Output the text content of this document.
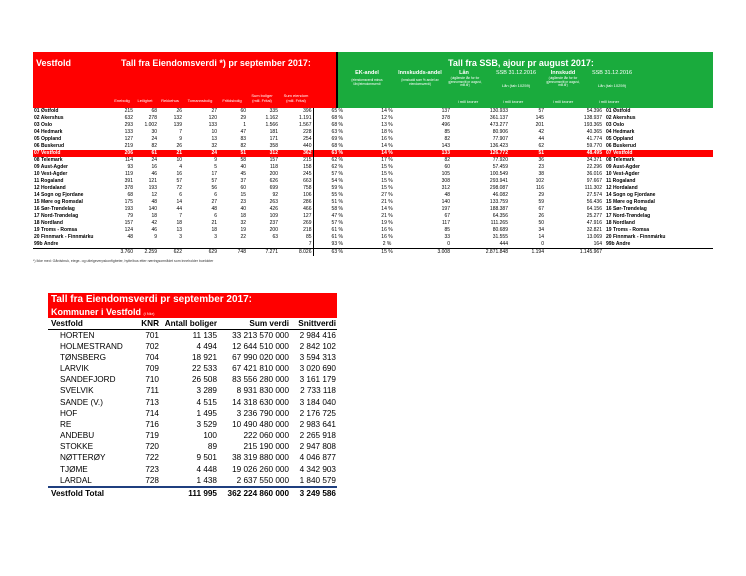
Vestfold	Tall fra Eiendomsverdi *) pr september 2017:	Tall fra SSB, ajour pr august 2017:
Enebolig	Leilighet	Rekkehus	Tomannsbolig	Fritidsbolig
Sum boliger
(mill. Frital)
Sum eiendom
(mill. Frital)
EK-andel
(eiendomsverdi minus lån)/eiendomsverdi
Innskudds-andel
(innskudd som % andel av eiendomsverdi)
Lån
(utgående lån for for gjennomsnitt pr august, mill.kr)
SSB 31.12.2016
Lån (tab 10259)
Innskudd
(utgående lån for for gjennomsnitt pr august, mill.kr)
SSB 31.12.2016
Lån (tab 10259)
i mill kroner	i mill kroner	i mill kroner	i mill kroner
01 Østfold	215	68	26	27	60	335	396	65 %	14 %	137	130.933	57	54.396	01 Østfold
02 Akershus	632	278	132	120	29	1.162	1.191	68 %	12 %	378	361.137	145	138.937	02 Akershus
03 Oslo	293	1.002	139	133	1	1.566	1.567	68 %	13 %	496	473.277	201	193.365	03 Oslo
04 Hedmark	133	30	7	10	47	181	228	63 %	18 %	85	80.906	42	40.365	04 Hedmark
05 Oppland	127	24	9	13	83	171	254	69 %	16 %	82	77.907	44	41.774	05 Oppland
06 Buskerud	219	82	26	32	82	358	440	68 %	14 %	143	136.423	62	59.770	06 Buskerud
07 Vestfold	206	61	21	24	51	312	362	63 %	14 %	133	126.772	51	48.495	07 Vestfold
08 Telemark	114	24	10	9	58	157	215	62 %	17 %	82	77.920	36	34.371	08 Telemark
09 Aust-Agder	93	16	4	5	40	118	158	62 %	15 %	60	57.459	23	22.296	09 Aust-Agder
10 Vest-Agder	119	46	16	17	45	200	245	57 %	15 %	105	100.549	38	36.016	10 Vest-Agder
11 Rogaland	391	121	57	57	37	626	663	54 %	15 %	308	293.941	102	97.667	11 Rogaland
12 Hordaland	378	193	72	56	60	699	758	59 %	15 %	312	298.087	116	111.302	12 Hordaland
14 Sogn og Fjordane	68	12	6	6	15	92	106	55 %	27 %	48	46.082	29	27.574	14 Sogn og Fjordane
15 Møre og Romsdal	175	48	14	27	23	263	286	51 %	21 %	140	133.759	59	56.436	15 Møre og Romsdal
16 Sør-Trøndelag	193	140	44	48	40	426	466	58 %	14 %	197	188.387	67	64.156	16 Sør-Trøndelag
17 Nord-Trøndelag	79	18	7	6	18	109	127	47 %	21 %	67	64.356	26	25.277	17 Nord-Trøndelag
18 Nordland	157	42	18	21	32	237	269	57 %	19 %	117	111.265	50	47.916	18 Nordland
19 Troms - Romsa	124	46	13	18	19	200	218	61 %	16 %	85	80.689	34	32.821	19 Troms - Romsa
20 Finnmark - Finnmárku	48	9	3	3	22	63	85	61 %	16 %	33	31.555	14	13.069	20 Finnmark - Finnmárku
99b Andre							7	93 %	2 %	0	444	0	164	99b Andre
	3.760	2.259	622	629	748	7.271	8.026	63 %	15 %	3.008	2.871.848	1.194	1.145.967	
*) Ikke med: Gårdsbruk, eiege- og utleigeverpskonfigbeter, hytte/bus etter næringsområdet som inneholder buelokter
Tall fra Eiendomsverdi pr september 2017:
Kommuner i Vestfold (i Nkr)
Vestfold	KNR	Antall boliger	Sum verdi	Snittverdi
HORTEN	701	11 135	33 213 570 000	2 984 416
HOLMESTRAND	702	4 494	12 644 510 000	2 842 102
TØNSBERG	704	18 921	67 990 020 000	3 594 313
LARVIK	709	22 533	67 421 810 000	3 020 690
SANDEFJORD	710	26 508	83 556 280 000	3 161 179
SVELVIK	711	3 289	8 931 830 000	2 733 118
SANDE (V.)	713	4 515	14 318 630 000	3 184 040
HOF	714	1 495	3 236 790 000	2 176 725
RE	716	3 529	10 490 480 000	2 983 641
ANDEBU	719	100	222 060 000	2 265 918
STOKKE	720	89	215 190 000	2 947 808
NØTTERØY	722	9 501	38 319 880 000	4 046 877
TJØME	723	4 448	19 026 260 000	4 342 903
LARDAL	728	1 438	2 637 550 000	1 840 579
Vestfold Total		111 995	362 224 860 000	3 249 586
